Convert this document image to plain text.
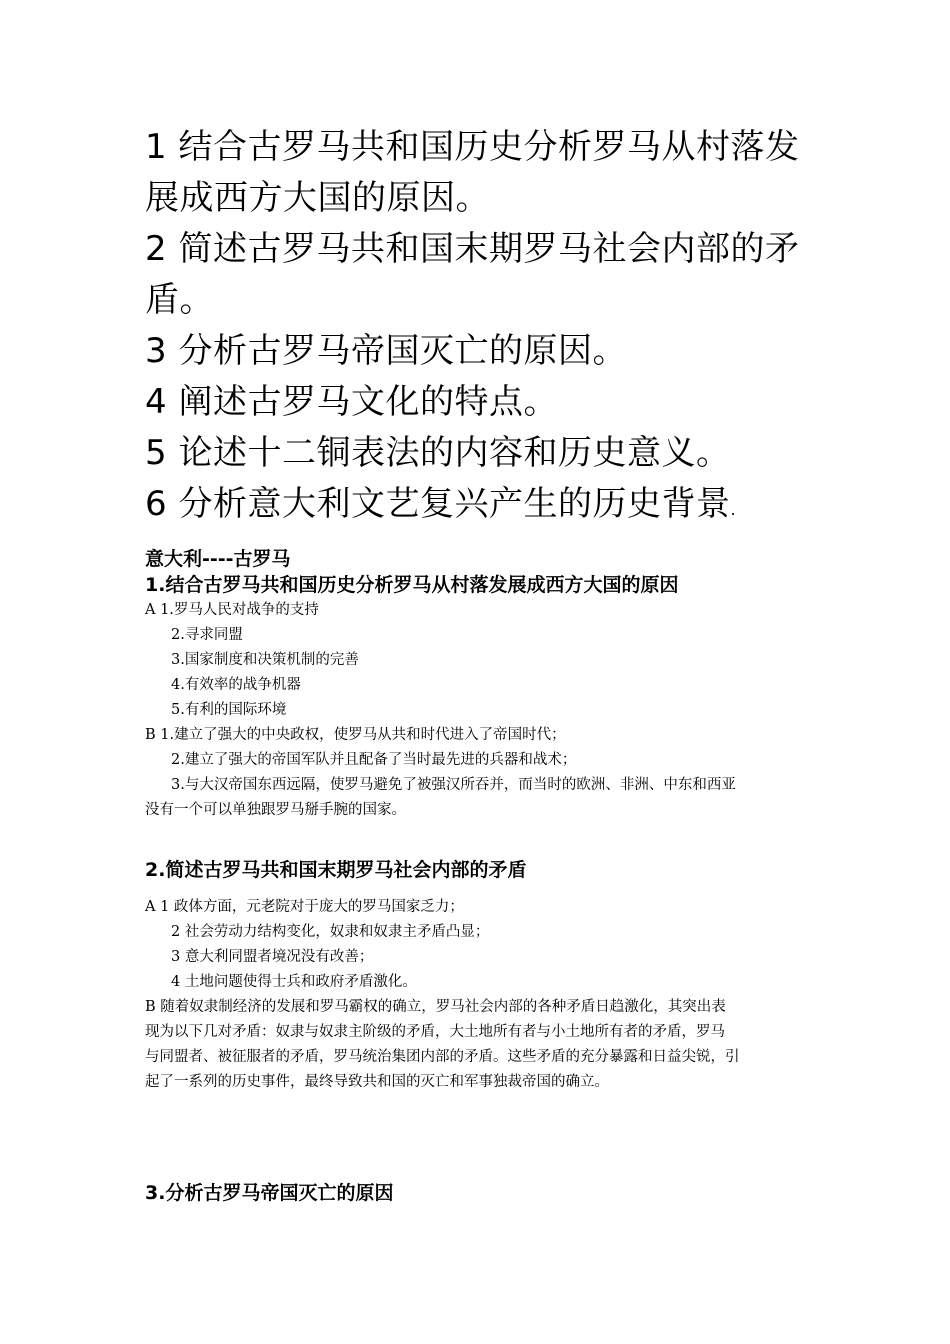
1 结合古罗马共和国历史分析罗马从村落发

展成西方大国的原因。

2 简述古罗马共和国末期罗马社会内部的矛

盾。

3 分析古罗马帝国灭亡的原因。

4 阐述古罗马文化的特点。

5 论述十二铜表法的内容和历史意义。

6 分析意大利文艺复兴产生的历史背景.

意大利----古罗马

1.结合古罗马共和国历史分析罗马从村落发展成西方大国的原因

A 1.罗马人民对战争的支持

2.寻求同盟

3.国家制度和决策机制的完善

4.有效率的战争机器

5.有利的国际环境

B 1.建立了强大的中央政权，使罗马从共和时代进入了帝国时代；

2.建立了强大的帝国军队并且配备了当时最先进的兵器和战术；

3.与大汉帝国东西远隔，使罗马避免了被强汉所吞并，而当时的欧洲、非洲、中东和西亚

没有一个可以单独跟罗马掰手腕的国家。

2.简述古罗马共和国末期罗马社会内部的矛盾

A 1 政体方面，元老院对于庞大的罗马国家乏力；

2 社会劳动力结构变化，奴隶和奴隶主矛盾凸显；

3 意大利同盟者境况没有改善；

4 土地问题使得士兵和政府矛盾激化。

B 随着奴隶制经济的发展和罗马霸权的确立，罗马社会内部的各种矛盾日趋激化，其突出表

现为以下几对矛盾：奴隶与奴隶主阶级的矛盾，大土地所有者与小土地所有者的矛盾，罗马

与同盟者、被征服者的矛盾，罗马统治集团内部的矛盾。这些矛盾的充分暴露和日益尖锐，引

起了一系列的历史事件，最终导致共和国的灭亡和军事独裁帝国的确立。

3.分析古罗马帝国灭亡的原因
